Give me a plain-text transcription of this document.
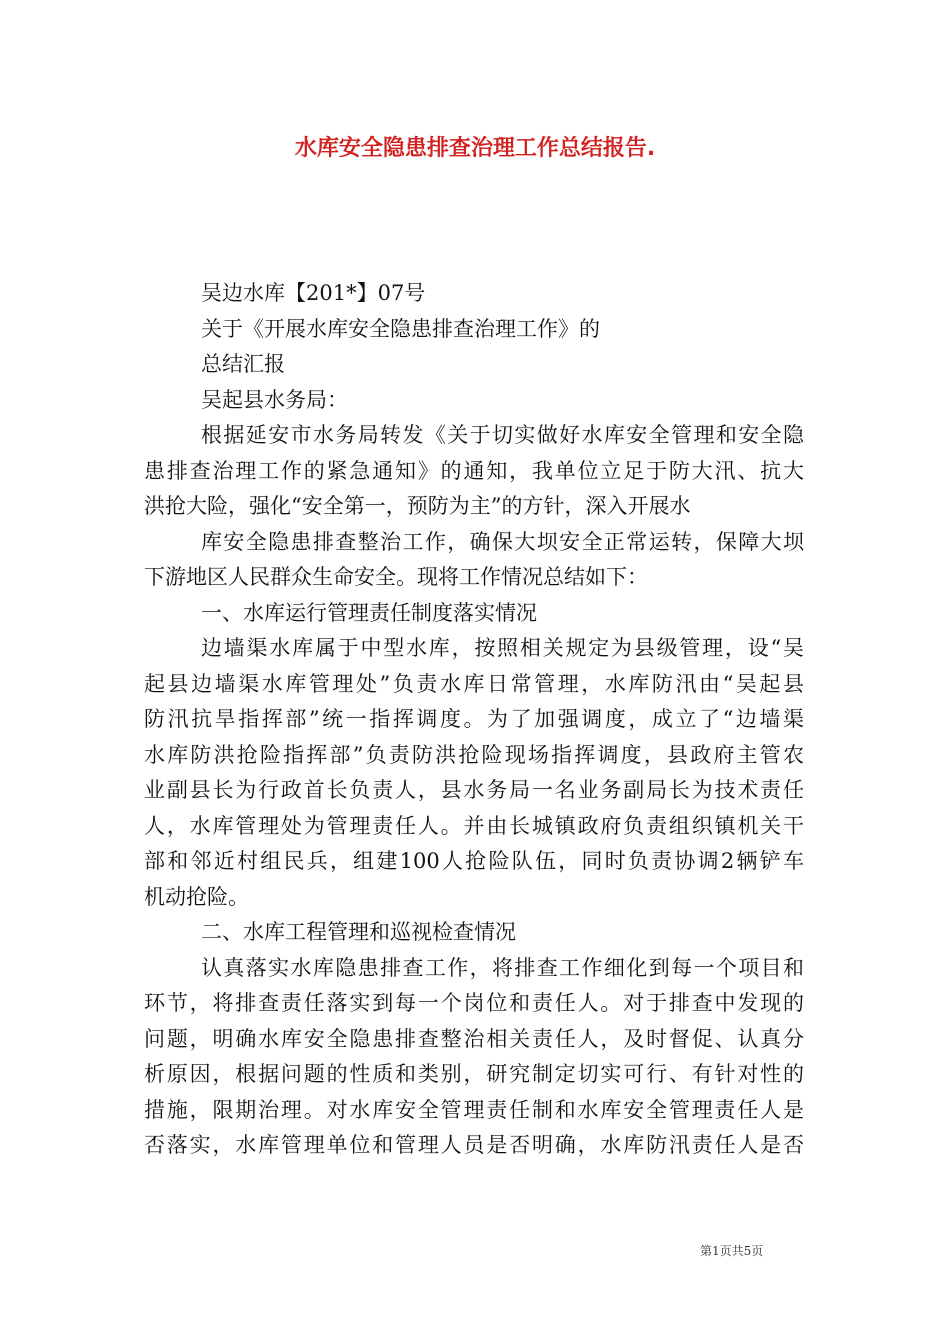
水库安全隐患排查治理工作总结报告.
吴边水库【201*】07号
关于《开展水库安全隐患排查治理工作》的
总结汇报
吴起县水务局：
根据延安市水务局转发《关于切实做好水库安全管理和安全隐
患排查治理工作的紧急通知》的通知，我单位立足于防大汛、抗大
洪抢大险，强化“安全第一，预防为主”的方针，深入开展水
库安全隐患排查整治工作，确保大坝安全正常运转，保障大坝
下游地区人民群众生命安全。现将工作情况总结如下：
一、水库运行管理责任制度落实情况
边墙渠水库属于中型水库，按照相关规定为县级管理，设“吴
起县边墙渠水库管理处”负责水库日常管理，水库防汛由“吴起县
防汛抗旱指挥部”统一指挥调度。为了加强调度，成立了“边墙渠
水库防洪抢险指挥部”负责防洪抢险现场指挥调度，县政府主管农
业副县长为行政首长负责人，县水务局一名业务副局长为技术责任
人，水库管理处为管理责任人。并由长城镇政府负责组织镇机关干
部和邻近村组民兵，组建100人抢险队伍，同时负责协调2辆铲车
机动抢险。
二、水库工程管理和巡视检查情况
认真落实水库隐患排查工作，将排查工作细化到每一个项目和
环节，将排查责任落实到每一个岗位和责任人。对于排查中发现的
问题，明确水库安全隐患排查整治相关责任人，及时督促、认真分
析原因，根据问题的性质和类别，研究制定切实可行、有针对性的
措施，限期治理。对水库安全管理责任制和水库安全管理责任人是
否落实，水库管理单位和管理人员是否明确，水库防汛责任人是否
第1页共5页
